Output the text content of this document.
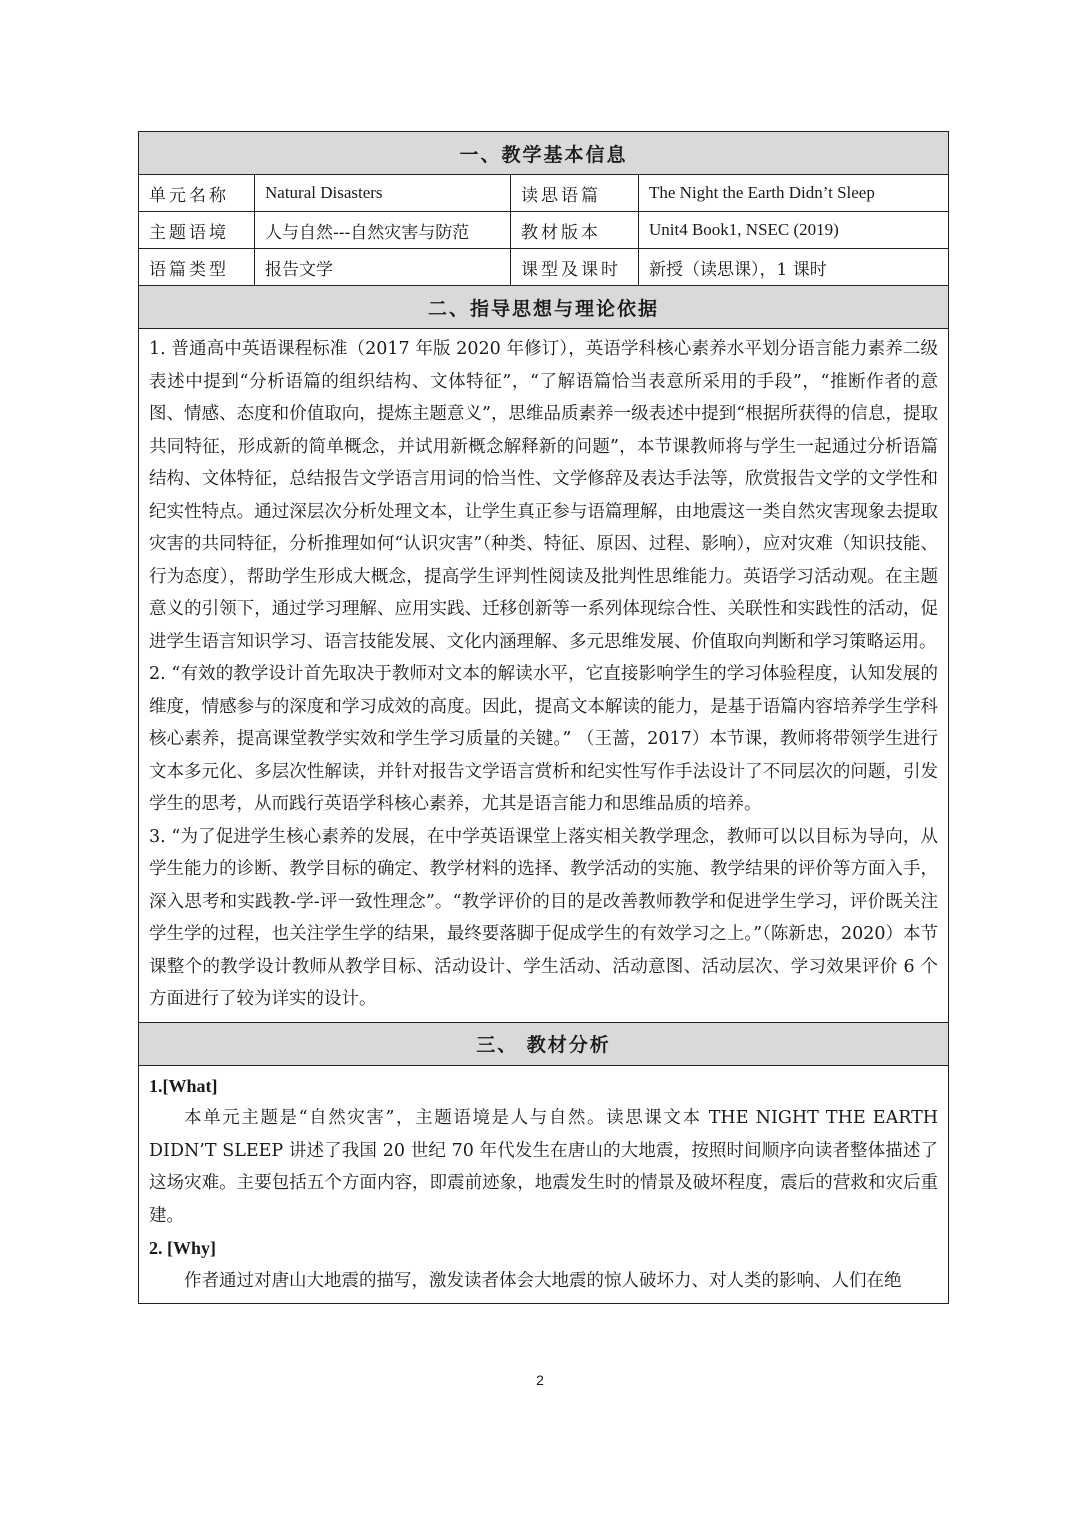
一、教学基本信息			
单元名称	Natural Disasters	读思语篇	The Night the Earth Didn’t Sleep
主题语境	人与自然---自然灾害与防范	教材版本	Unit4 Book1, NSEC (2019)
语篇类型	报告文学	课型及课时	新授（读思课），1 课时
二、指导思想与理论依据			

1. 普通高中英语课程标准（2017 年版 2020 年修订），英语学科核心素养水平划分语言能力素养二级表述中提到“分析语篇的组织结构、文体特征”，“了解语篇恰当表意所采用的手段”，“推断作者的意图、情感、态度和价值取向，提炼主题意义”，思维品质素养一级表述中提到“根据所获得的信息，提取共同特征，形成新的简单概念，并试用新概念解释新的问题”，本节课教师将与学生一起通过分析语篇结构、文体特征，总结报告文学语言用词的恰当性、文学修辞及表达手法等，欣赏报告文学的文学性和纪实性特点。通过深层次分析处理文本，让学生真正参与语篇理解，由地震这一类自然灾害现象去提取灾害的共同特征，分析推理如何“认识灾害”（种类、特征、原因、过程、影响），应对灾难（知识技能、行为态度），帮助学生形成大概念，提高学生评判性阅读及批判性思维能力。英语学习活动观。在主题意义的引领下，通过学习理解、应用实践、迁移创新等一系列体现综合性、关联性和实践性的活动，促进学生语言知识学习、语言技能发展、文化内涵理解、多元思维发展、价值取向判断和学习策略运用。

2. “有效的教学设计首先取决于教师对文本的解读水平，它直接影响学生的学习体验程度，认知发展的维度，情感参与的深度和学习成效的高度。因此，提高文本解读的能力，是基于语篇内容培养学生学科核心素养，提高课堂教学实效和学生学习质量的关键。” （王蔷，2017）本节课，教师将带领学生进行文本多元化、多层次性解读，并针对报告文学语言赏析和纪实性写作手法设计了不同层次的问题，引发学生的思考，从而践行英语学科核心素养，尤其是语言能力和思维品质的培养。

3. “为了促进学生核心素养的发展，在中学英语课堂上落实相关教学理念，教师可以以目标为导向，从学生能力的诊断、教学目标的确定、教学材料的选择、教学活动的实施、教学结果的评价等方面入手，深入思考和实践教-学-评一致性理念”。“教学评价的目的是改善教师教学和促进学生学习，评价既关注学生学的过程，也关注学生学的结果，最终要落脚于促成学生的有效学习之上。”（陈新忠，2020）本节课整个的教学设计教师从教学目标、活动设计、学生活动、活动意图、活动层次、学习效果评价 6 个方面进行了较为详实的设计。			

三、 教材分析			

1.[What]

本单元主题是“自然灾害”，主题语境是人与自然。读思课文本 THE NIGHT THE EARTH DIDN’T SLEEP 讲述了我国 20 世纪 70 年代发生在唐山的大地震，按照时间顺序向读者整体描述了这场灾难。主要包括五个方面内容，即震前迹象，地震发生时的情景及破坏程度，震后的营救和灾后重建。

2. [Why]

作者通过对唐山大地震的描写，激发读者体会大地震的惊人破坏力、对人类的影响、人们在绝			

2
